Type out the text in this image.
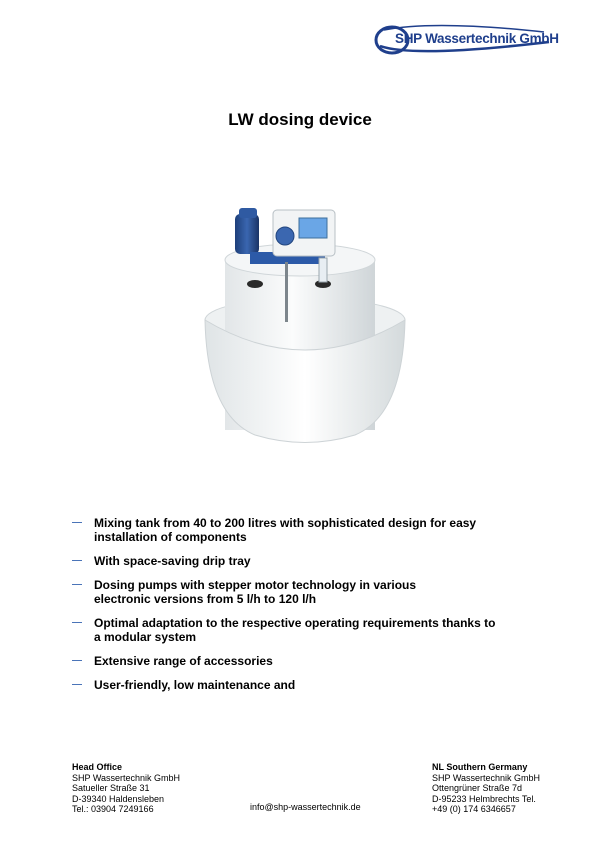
SHP Wassertechnik GmbH
LW dosing device
Mixing tank from 40 to 200 litres with sophisticated design for easy
installation of components
With space-saving drip tray
Dosing pumps with stepper motor technology in various
electronic versions from 5 l/h to 120 l/h
Optimal adaptation to the respective operating requirements thanks to
a modular system
Extensive range of accessories
User-friendly, low maintenance and
Head Office
SHP Wassertechnik GmbH
Satueller Straße 31
D-39340 Haldensleben
Tel.: 03904 7249166	info@shp-wassertechnik.de
NL Southern Germany
SHP Wassertechnik GmbH
Ottengrüner Straße 7d
D-95233 Helmbrechts Tel.
+49 (0) 174 6346657
